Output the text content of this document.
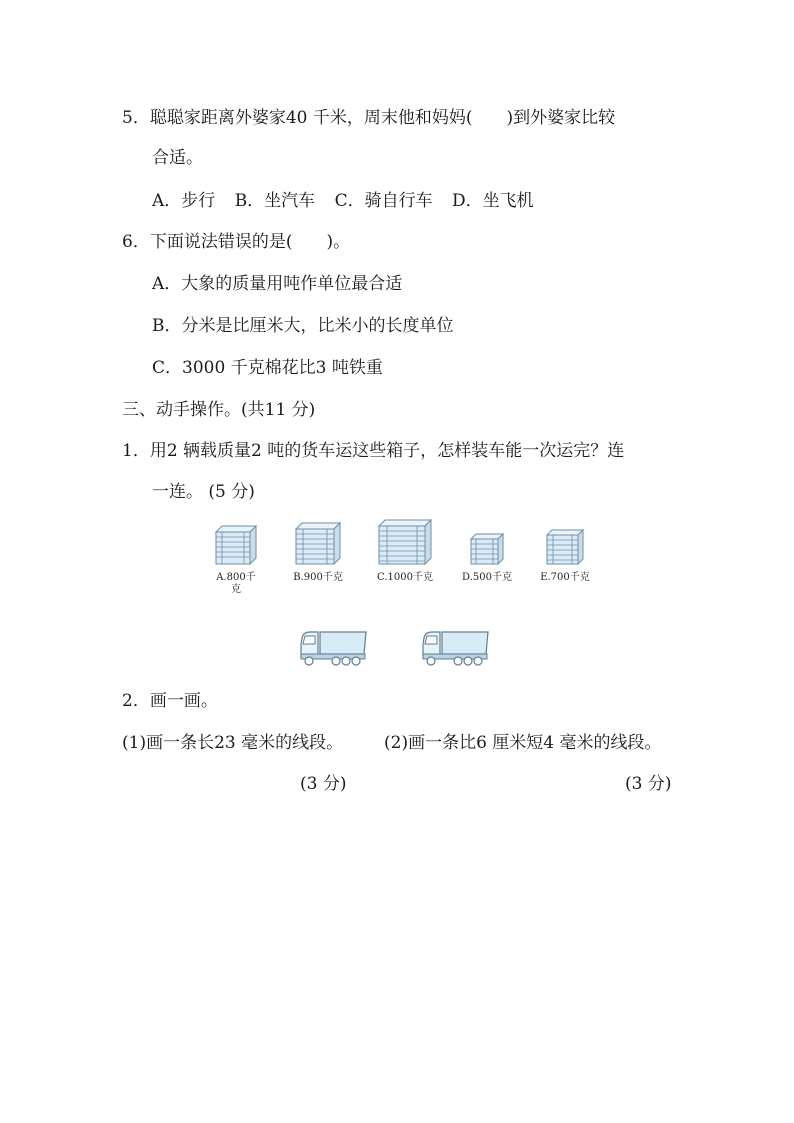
5．聪聪家距离外婆家40 千米，周末他和妈妈(　　)到外婆家比较
合适。
A．步行 B．坐汽车 C．骑自行车 D．坐飞机
6．下面说法错误的是(　　)。
A．大象的质量用吨作单位最合适
B．分米是比厘米大，比米小的长度单位
C．3000 千克棉花比3 吨铁重
三、动手操作。(共11 分)
1．用2 辆载质量2 吨的货车运这些箱子，怎样装车能一次运完？连
一连。 (5 分)
A.800千克
B.900千克	C.1000千克	D.500千克	E.700千克
2．画一画。
(1)画一条长23 毫米的线段。 (2)画一条比6 厘米短4 毫米的线段。
(3 分)	(3 分)
